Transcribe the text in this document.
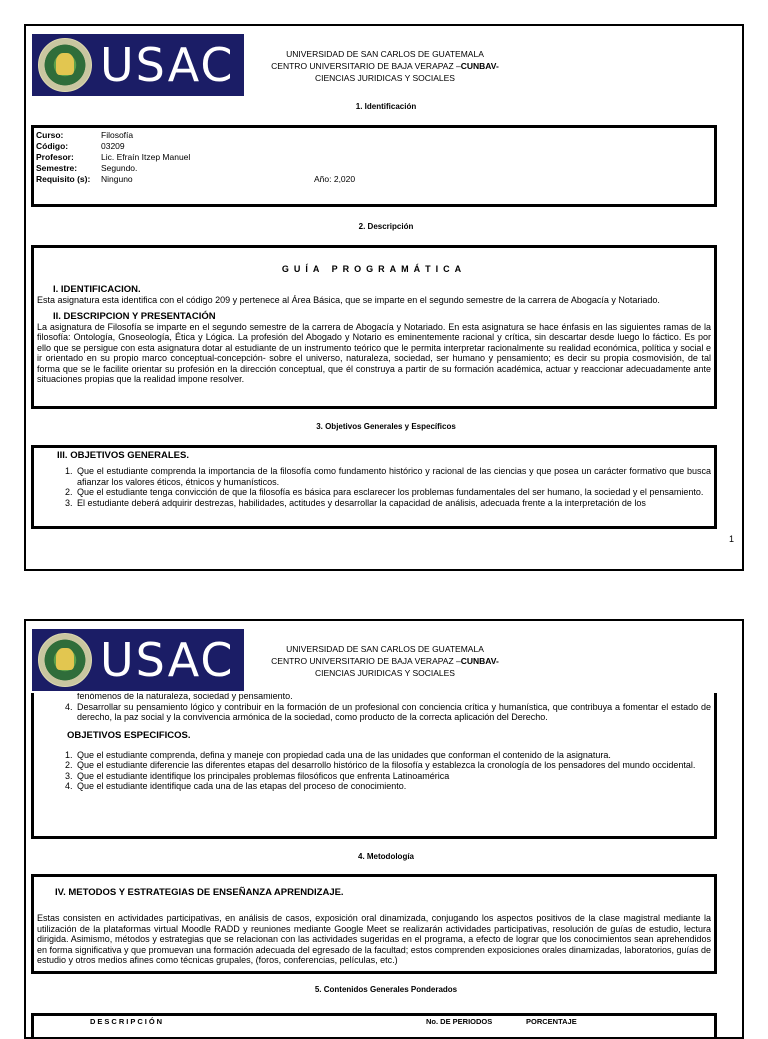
USAC	UNIVERSIDAD DE SAN CARLOS DE GUATEMALA
CENTRO UNIVERSITARIO DE BAJA VERAPAZ –CUNBAV-
CIENCIAS JURIDICAS Y SOCIALES
1. Identificación
Curso:	Filosofía
Código:	03209
Profesor:	Lic. Efraín Itzep Manuel
Semestre:	Segundo.
Requisito (s):	Ninguno	Año: 2,020
2. Descripción
GUÍA PROGRAMÁTICA
I. IDENTIFICACION.
Esta asignatura esta identifica con el código 209 y pertenece al Área Básica, que se imparte en el segundo semestre de la carrera de Abogacía y Notariado.
II. DESCRIPCION Y PRESENTACIÓN
La asignatura de Filosofía se imparte en el segundo semestre de la carrera de Abogacía y Notariado. En esta asignatura se hace énfasis en las siguientes ramas de la filosofía: Ontología, Gnoseología, Ética y Lógica. La profesión del Abogado y Notario es eminentemente racional y crítica, sin descartar desde luego lo fáctico. Es por ello que se persigue con esta asignatura dotar al estudiante de un instrumento teórico que le permita interpretar racionalmente su realidad económica, política y social e ir orientado en su propio marco conceptual-concepción- sobre el universo, naturaleza, sociedad, ser humano y pensamiento; es decir su propia cosmovisión, de tal forma que se le facilite orientar su profesión en la dirección conceptual, que él construya a partir de su formación académica, actuar y reaccionar adecuadamente ante situaciones propias que la realidad impone resolver.
3. Objetivos Generales y Específicos
III. OBJETIVOS GENERALES.
1. Que el estudiante comprenda la importancia de la filosofía como fundamento histórico y racional de las ciencias y que posea un carácter formativo que busca afianzar los valores éticos, étnicos y humanísticos.
2. Que el estudiante tenga convicción de que la filosofía es básica para esclarecer los problemas fundamentales del ser humano, la sociedad y el pensamiento.
3. El estudiante deberá adquirir destrezas, habilidades, actitudes y desarrollar la capacidad de análisis, adecuada frente a la interpretación de los
1
USAC	UNIVERSIDAD DE SAN CARLOS DE GUATEMALA
CENTRO UNIVERSITARIO DE BAJA VERAPAZ –CUNBAV-
CIENCIAS JURIDICAS Y SOCIALES
fenómenos de la naturaleza, sociedad y pensamiento.
4. Desarrollar su pensamiento lógico y contribuir en la formación de un profesional con conciencia crítica y humanística, que contribuya a fomentar el estado de derecho, la paz social y la convivencia armónica de la sociedad, como producto de la correcta aplicación del Derecho.
OBJETIVOS ESPECIFICOS.
1. Que el estudiante comprenda, defina y maneje con propiedad cada una de las unidades que conforman el contenido de la asignatura.
2. Que el estudiante diferencie las diferentes etapas del desarrollo histórico de la filosofía y establezca la cronología de los pensadores del mundo occidental.
3. Que el estudiante identifique los principales problemas filosóficos que enfrenta Latinoamérica
4. Que el estudiante identifique cada una de las etapas del proceso de conocimiento.
4. Metodología
IV. METODOS Y ESTRATEGIAS DE ENSEÑANZA APRENDIZAJE.
Estas consisten en actividades participativas, en análisis de casos, exposición oral dinamizada, conjugando los aspectos positivos de la clase magistral mediante la utilización de la plataformas virtual Moodle RADD y reuniones mediante Google Meet se realizarán actividades participativas, resolución de guías de estudio, lectura dirigida. Asimismo, métodos y estrategias que se relacionan con las actividades sugeridas en el programa, a efecto de lograr que los conocimientos sean aprehendidos en forma significativa y que promuevan una formación adecuada del egresado de la facultad; estos comprenden exposiciones orales dinamizadas, laboratorios, guías de estudio y otros medios afines como técnicas grupales, (foros, conferencias, películas, etc.)
5. Contenidos Generales Ponderados
DESCRIPCIÓN	No. DE PERIODOS	PORCENTAJE
